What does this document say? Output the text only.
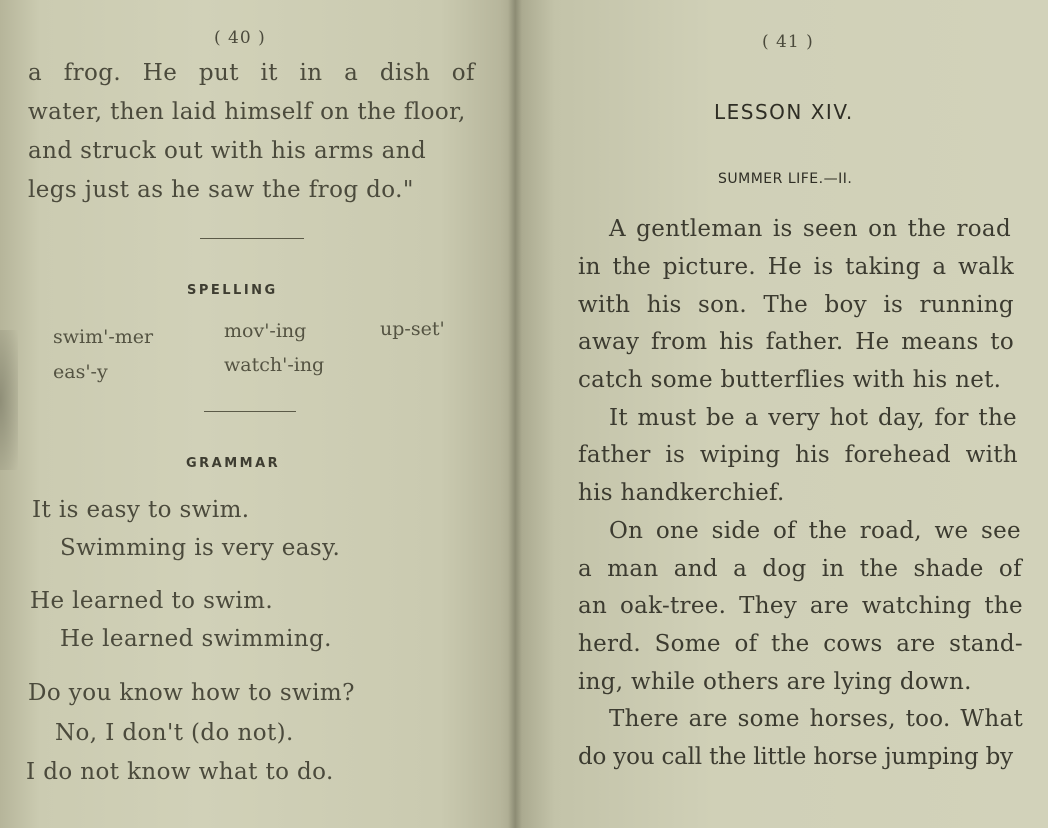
( 40 )
a frog. He put it in a dish of
water, then laid himself on the floor,
and struck out with his arms and
legs just as he saw the frog do."
SPELLING
swim'-mer	mov'-ing	up-set'
eas'-y	watch'-ing
GRAMMAR
It is easy to swim.
Swimming is very easy.
He learned to swim.
He learned swimming.
Do you know how to swim?
No, I don't (do not).
I do not know what to do.
( 41 )
LESSON XIV.
SUMMER LIFE.—II.
A gentleman is seen on the road
in the picture. He is taking a walk
with his son. The boy is running
away from his father. He means to
catch some butterflies with his net.
It must be a very hot day, for the
father is wiping his forehead with
his handkerchief.
On one side of the road, we see
a man and a dog in the shade of
an oak-tree. They are watching the
herd. Some of the cows are stand-
ing, while others are lying down.
There are some horses, too. What
do you call the little horse jumping by
